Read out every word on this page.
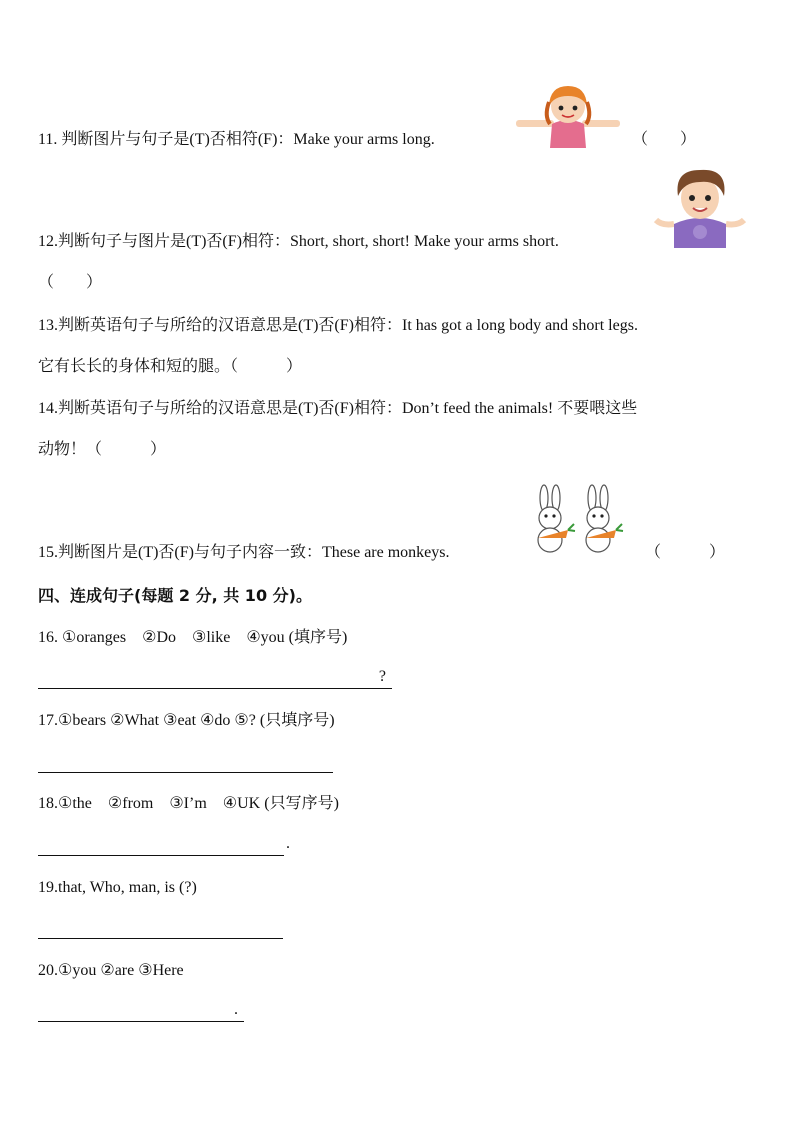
11. 判断图片与句子是(T)否相符(F)：Make your arms long.	（　　）
12.判断句子与图片是(T)否(F)相符：Short, short, short! Make your arms short.
（　　）
13.判断英语句子与所给的汉语意思是(T)否(F)相符：It has got a long body and short legs.
它有长长的身体和短的腿。（　　　）
14.判断英语句子与所给的汉语意思是(T)否(F)相符：Don’t feed the animals! 不要喂这些
动物！（　　　）
15.判断图片是(T)否(F)与句子内容一致：These are monkeys.	（　　　）
四、连成句子(每题 2 分, 共 10 分)。
16. ①oranges　②Do　③like　④you (填序号)
?
17.①bears ②What ③eat ④do ⑤? (只填序号)
18.①the　②from　③I’m　④UK (只写序号)
.
19.that, Who, man, is (?)
20.①you ②are ③Here
.
